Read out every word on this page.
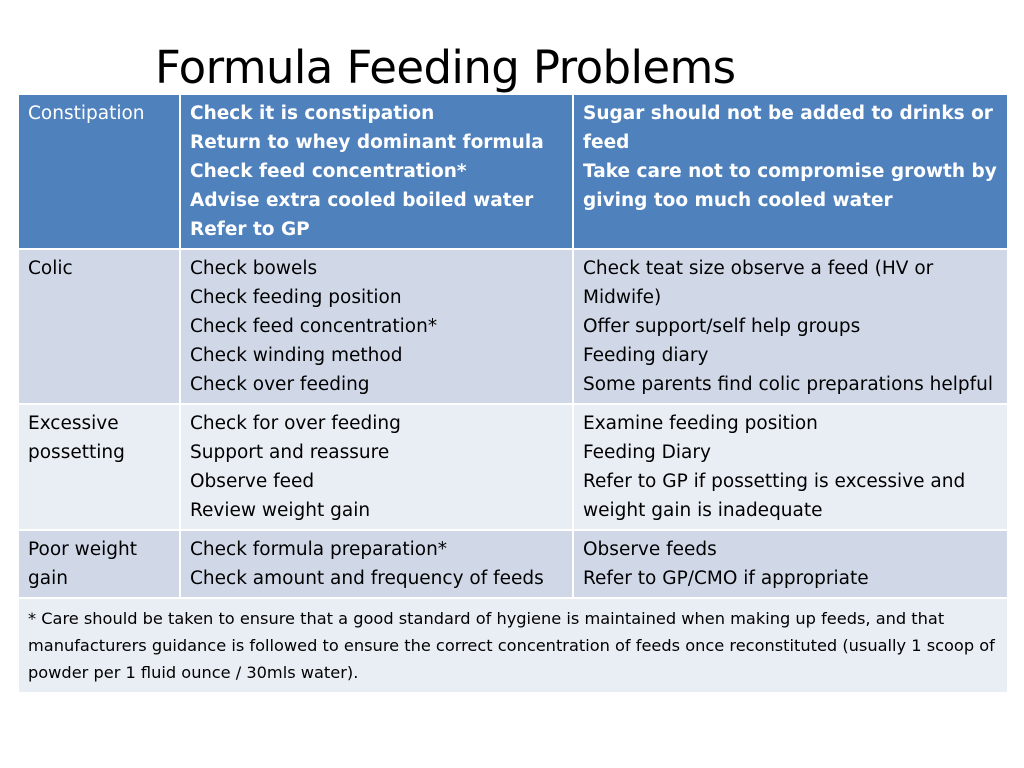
Formula Feeding Problems
Constipation	Check it is constipation
Return to whey dominant formula
Check feed concentration*
Advise extra cooled boiled water
Refer to GP	Sugar should not be added to drinks or feed
Take care not to compromise growth by giving too much cooled water

Colic	Check bowels
Check feeding position
Check feed concentration*
Check winding method
Check over feeding	Check teat size observe a feed (HV or Midwife)
Offer support/self help groups
Feeding diary
Some parents find colic preparations helpful

Excessive possetting	Check for over feeding
Support and reassure
Observe feed
Review weight gain	Examine feeding position
Feeding Diary
Refer to GP if possetting is excessive and weight gain is inadequate

Poor weight gain	Check formula preparation*
Check amount and frequency of feeds	Observe feeds
Refer to GP/CMO if appropriate

* Care should be taken to ensure that a good standard of hygiene is maintained when making up feeds, and that manufacturers guidance is followed to ensure the correct concentration of feeds once reconstituted (usually 1 scoop of powder per 1 fluid ounce / 30mls water).		
